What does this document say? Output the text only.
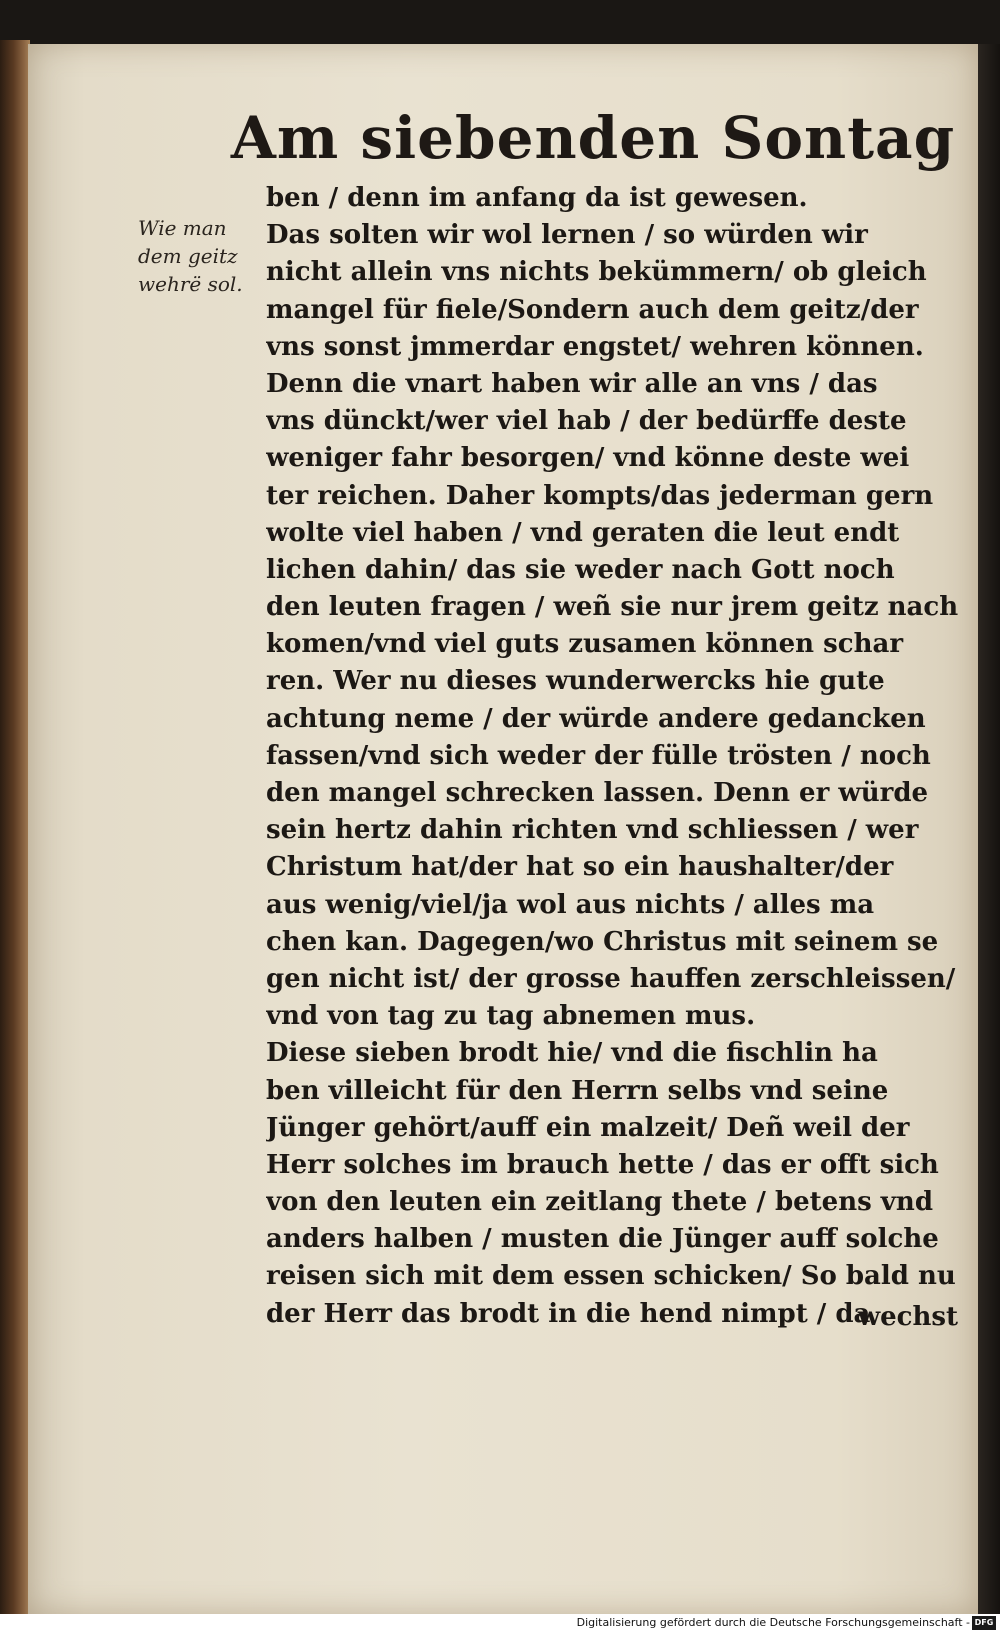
Am siebenden Sontag
Wie man
dem geitz
wehrë sol.
ben / denn im anfang da ist gewesen.
Das solten wir wol lernen / so würden wir
nicht allein vns nichts bekümmern/ ob gleich
mangel für fiele/Sondern auch dem geitz/der
vns sonst jmmerdar engstet/ wehren können.
Denn die vnart haben wir alle an vns / das
vns dünckt/wer viel hab / der bedürffe deste
weniger fahr besorgen/ vnd könne deste wei
ter reichen. Daher kompts/das jederman gern
wolte viel haben / vnd geraten die leut endt
lichen dahin/ das sie weder nach Gott noch
den leuten fragen / weñ sie nur jrem geitz nach
komen/vnd viel guts zusamen können schar
ren. Wer nu dieses wunderwercks hie gute
achtung neme / der würde andere gedancken
fassen/vnd sich weder der fülle trösten / noch
den mangel schrecken lassen. Denn er würde
sein hertz dahin richten vnd schliessen / wer
Christum hat/der hat so ein haushalter/der
aus wenig/viel/ja wol aus nichts / alles ma
chen kan. Dagegen/wo Christus mit seinem se
gen nicht ist/ der grosse hauffen zerschleissen/
vnd von tag zu tag abnemen mus.
Diese sieben brodt hie/ vnd die fischlin ha
ben villeicht für den Herrn selbs vnd seine
Jünger gehört/auff ein malzeit/ Deñ weil der
Herr solches im brauch hette / das er offt sich
von den leuten ein zeitlang thete / betens vnd
anders halben / musten die Jünger auff solche
reisen sich mit dem essen schicken/ So bald nu
der Herr das brodt in die hend nimpt / da
wechst
Digitalisierung gefördert durch die Deutsche Forschungsgemeinschaft - DFG
